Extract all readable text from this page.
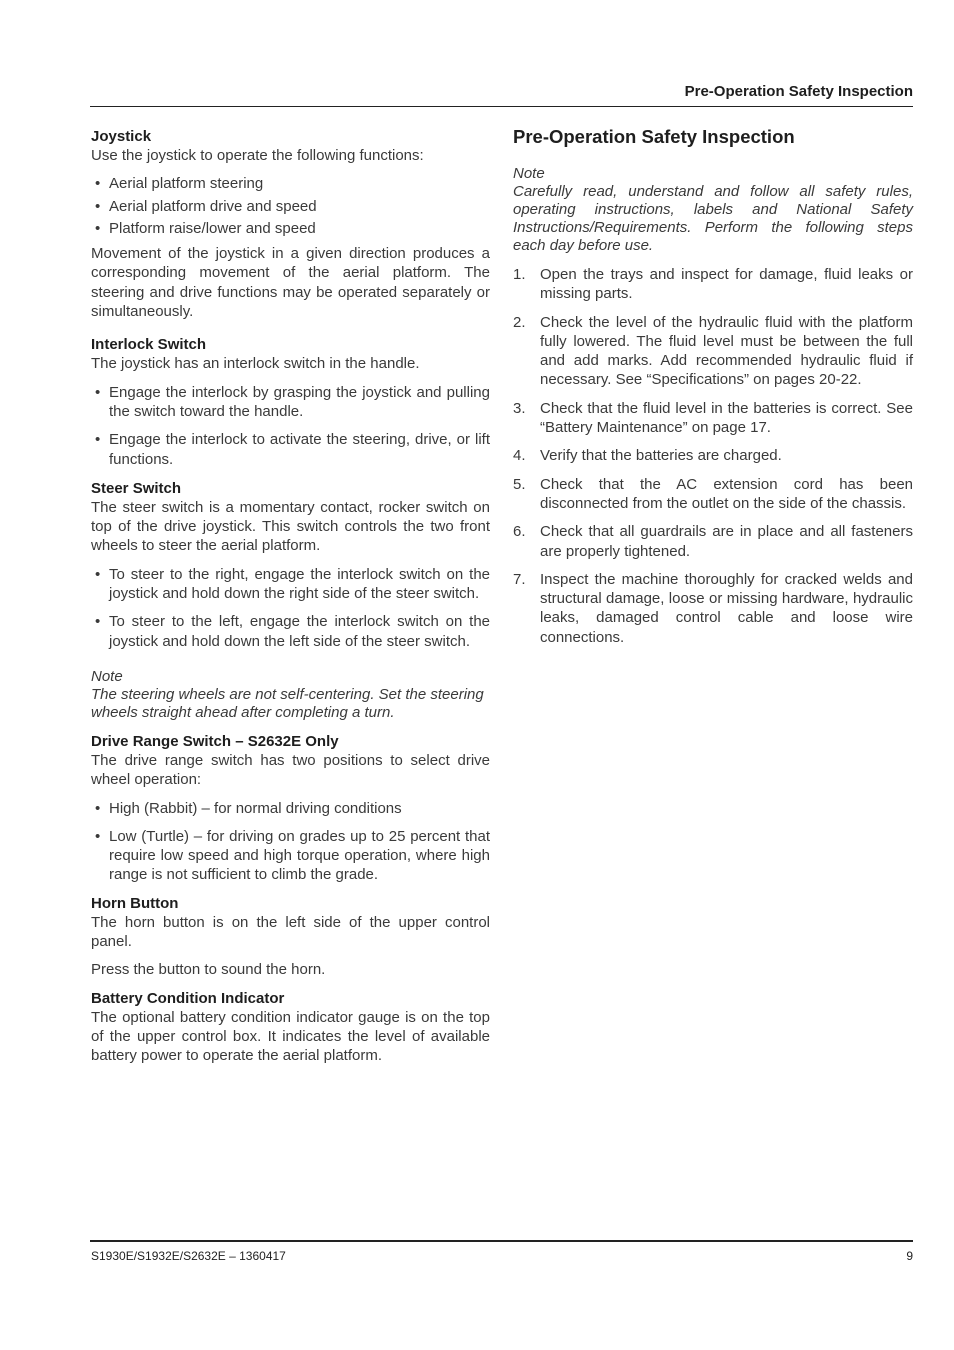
Pre-Operation Safety Inspection
Joystick

Use the joystick to operate the following functions:

• Aerial platform steering
• Aerial platform drive and speed
• Platform raise/lower and speed

Movement of the joystick in a given direction produces a corresponding movement of the aerial platform. The steering and drive functions may be operated separately or simultaneously.

Interlock Switch

The joystick has an interlock switch in the handle.

• Engage the interlock by grasping the joystick and pulling the switch toward the handle.
• Engage the interlock to activate the steering, drive, or lift functions.
Steer Switch

The steer switch is a momentary contact, rocker switch on top of the drive joystick. This switch controls the two front wheels to steer the aerial platform.

• To steer to the right, engage the interlock switch on the joystick and hold down the right side of the steer switch.
• To steer to the left, engage the interlock switch on the joystick and hold down the left side of the steer switch.
Note
The steering wheels are not self-centering. Set the steering wheels straight ahead after completing a turn.
Drive Range Switch – S2632E Only

The drive range switch has two positions to select drive wheel operation:

• High (Rabbit) – for normal driving conditions
• Low (Turtle) – for driving on grades up to 25 percent that require low speed and high torque operation, where high range is not sufficient to climb the grade.
Horn Button

The horn button is on the left side of the upper control panel.

Press the button to sound the horn.

Battery Condition Indicator

The optional battery condition indicator gauge is on the top of the upper control box. It indicates the level of available battery power to operate the aerial platform.

Pre-Operation Safety Inspection
Note
Carefully read, understand and follow all safety rules, operating instructions, labels and National Safety Instructions/Requirements. Perform the following steps each day before use.
1. Open the trays and inspect for damage, fluid leaks or missing parts.
2. Check the level of the hydraulic fluid with the platform fully lowered. The fluid level must be between the full and add marks. Add recommended hydraulic fluid if necessary. See “Specifications” on pages 20-22.
3. Check that the fluid level in the batteries is correct. See “Battery Maintenance” on page 17.
4. Verify that the batteries are charged.
5. Check that the AC extension cord has been disconnected from the outlet on the side of the chassis.
6. Check that all guardrails are in place and all fasteners are properly tightened.
7. Inspect the machine thoroughly for cracked welds and structural damage, loose or missing hardware, hydraulic leaks, damaged control cable and loose wire connections.
S1930E/S1932E/S2632E – 1360417	9
